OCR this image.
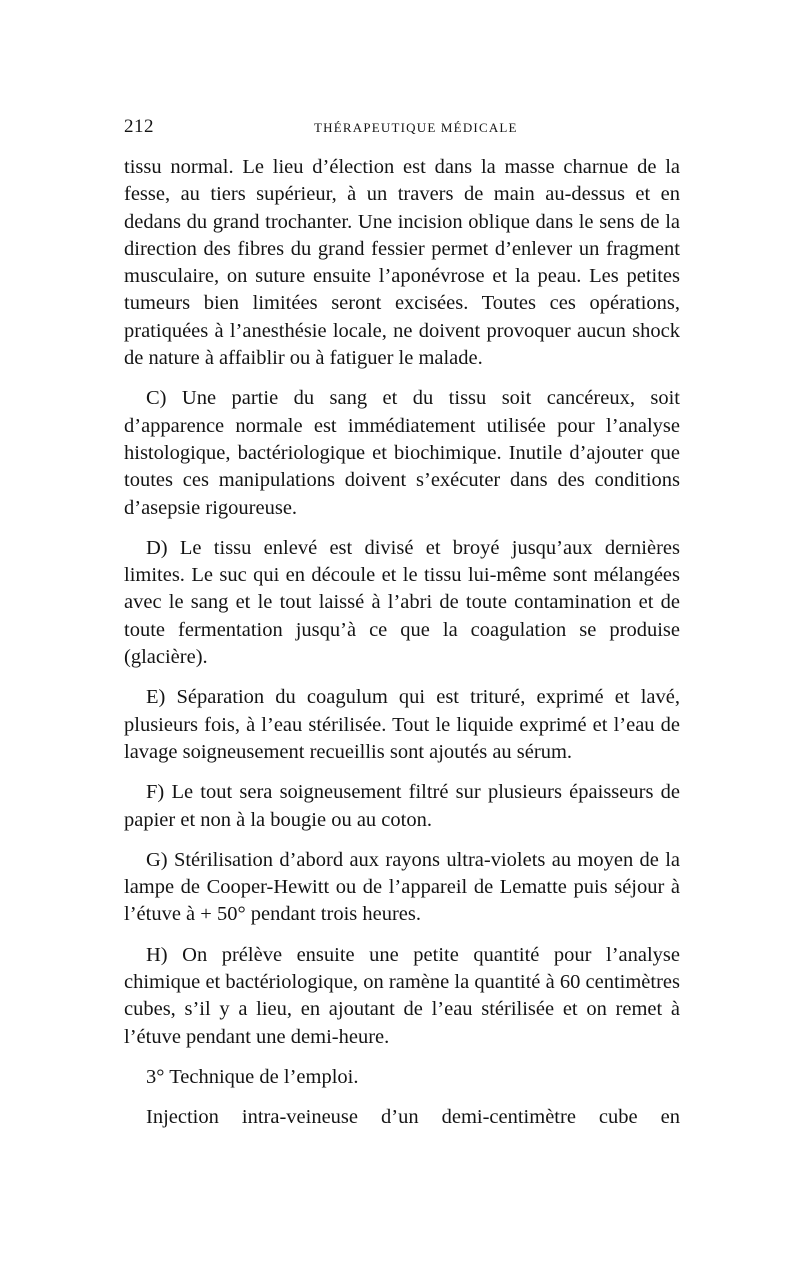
212	THÉRAPEUTIQUE MÉDICALE

tissu normal. Le lieu d’élection est dans la masse charnue de la fesse, au tiers supérieur, à un travers de main au-dessus et en dedans du grand trochanter. Une incision oblique dans le sens de la direction des fibres du grand fessier permet d’enlever un fragment musculaire, on suture ensuite l’aponévrose et la peau. Les petites tumeurs bien limitées seront excisées. Toutes ces opérations, pratiquées à l’anesthésie locale, ne doivent provoquer aucun shock de nature à affaiblir ou à fatiguer le malade.

C) Une partie du sang et du tissu soit cancéreux, soit d’apparence normale est immédiatement utilisée pour l’analyse histologique, bactériologique et biochimique. Inutile d’ajouter que toutes ces manipulations doivent s’exécuter dans des conditions d’asepsie rigoureuse.

D) Le tissu enlevé est divisé et broyé jusqu’aux dernières limites. Le suc qui en découle et le tissu lui-même sont mélangées avec le sang et le tout laissé à l’abri de toute contamination et de toute fermentation jusqu’à ce que la coagulation se produise (glacière).

E) Séparation du coagulum qui est trituré, exprimé et lavé, plusieurs fois, à l’eau stérilisée. Tout le liquide exprimé et l’eau de lavage soigneusement recueillis sont ajoutés au sérum.

F) Le tout sera soigneusement filtré sur plusieurs épaisseurs de papier et non à la bougie ou au coton.

G) Stérilisation d’abord aux rayons ultra-violets au moyen de la lampe de Cooper-Hewitt ou de l’appareil de Lematte puis séjour à l’étuve à + 50° pendant trois heures.

H) On prélève ensuite une petite quantité pour l’analyse chimique et bactériologique, on ramène la quantité à 60 centimètres cubes, s’il y a lieu, en ajoutant de l’eau stérilisée et on remet à l’étuve pendant une demi-heure.

3° Technique de l’emploi.

Injection intra-veineuse d’un demi-centimètre cube en
